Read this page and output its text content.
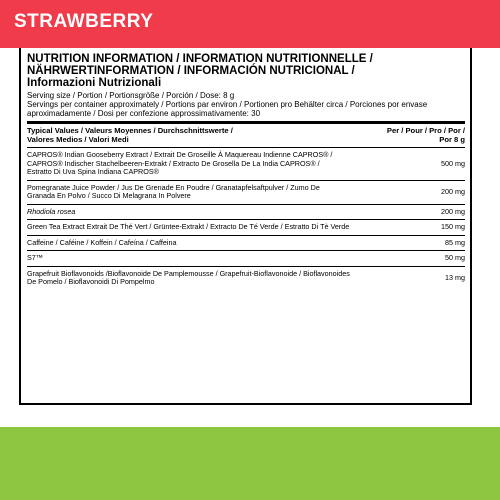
STRAWBERRY
NUTRITION INFORMATION / INFORMATION NUTRITIONNELLE /
NÄHRWERTINFORMATION / INFORMACIÓN NUTRICIONAL /
Informazioni Nutrizionali
Serving size / Portion / Portionsgröße / Porción / Dose: 8 g
Servings per container approximately / Portions par environ / Portionen pro Behälter circa / Porciones por envase
aproximadamente / Dosi per confezione approssimativamente: 30
Typical Values / Valeurs Moyennes / Durchschnittswerte /
Valores Medios / Valori Medi
Per / Pour / Pro / Por /
Por 8 g
CAPROS® Indian Gooseberry Extract / Extrait De Groseille À Maquereau Indienne CAPROS® /
CAPROS® Indischer Stachelbeeren-Extrakt / Extracto De Grosella De La India CAPROS® /
Estratto Di Uva Spina Indiana CAPROS®
500 mg
Pomegranate Juice Powder / Jus De Grenade En Poudre / Granatapfelsaftpulver / Zumo De
Granada En Polvo / Succo Di Melagrana In Polvere	200 mg
Rhodiola rosea	200 mg
Green Tea Extract Extrait De Thé Vert / Grüntee-Extrakt / Extracto De Té Verde / Estratto Di Tè Verde	150 mg
Caffeine / Caféine / Koffein / Cafeína / Caffeina	85 mg
S7™	50 mg
Grapefruit Bioflavonoids /Bioflavonoide De Pamplemousse / Grapefruit-Bioflavonoide / Bioflavonoides
De Pomelo / Bioflavonoidi Di Pompelmo	13 mg
